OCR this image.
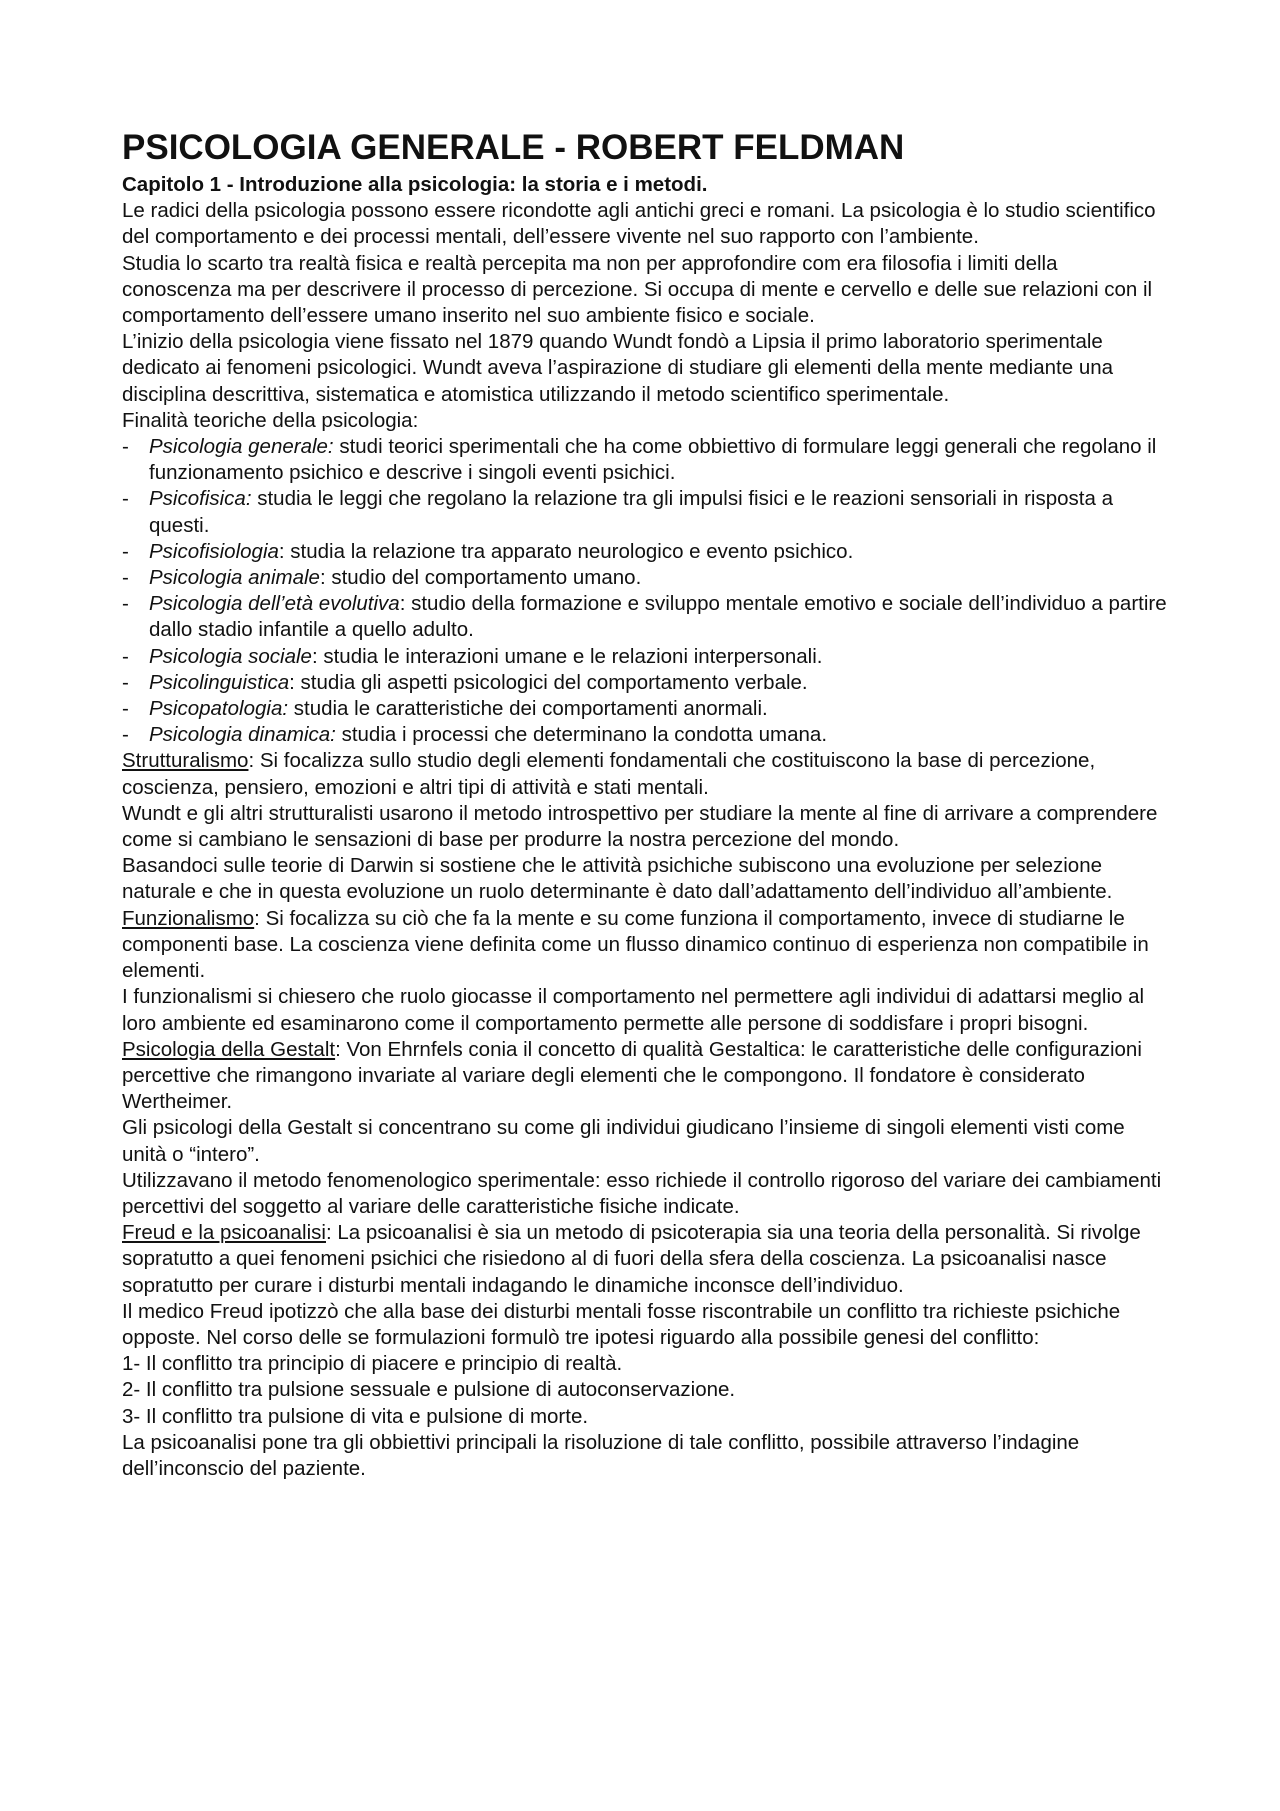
PSICOLOGIA GENERALE - ROBERT FELDMAN

Capitolo 1 - Introduzione alla psicologia: la storia e i metodi.

Le radici della psicologia possono essere ricondotte agli antichi greci e romani. La psicologia è lo studio scientifico del comportamento e dei processi mentali, dell’essere vivente nel suo rapporto con l’ambiente.

Studia lo scarto tra realtà fisica e realtà percepita ma non per approfondire com era filosofia i limiti della conoscenza ma per descrivere il processo di percezione. Si occupa di mente e cervello e delle sue relazioni con il comportamento dell’essere umano inserito nel suo ambiente fisico e sociale.

L’inizio della psicologia viene fissato nel 1879 quando Wundt fondò a Lipsia il primo laboratorio sperimentale dedicato ai fenomeni psicologici. Wundt aveva l’aspirazione di studiare gli elementi della mente mediante una disciplina descrittiva, sistematica e atomistica utilizzando il metodo scientifico sperimentale.

Finalità teoriche della psicologia:

- Psicologia generale: studi teorici sperimentali che ha come obbiettivo di formulare leggi generali che regolano il funzionamento psichico e descrive i singoli eventi psichici.
- Psicofisica: studia le leggi che regolano la relazione tra gli impulsi fisici e le reazioni sensoriali in risposta a questi.
- Psicofisiologia: studia la relazione tra apparato neurologico e evento psichico.
- Psicologia animale: studio del comportamento umano.
- Psicologia dell’età evolutiva: studio della formazione e sviluppo mentale emotivo e sociale dell’individuo a partire dallo stadio infantile a quello adulto.
- Psicologia sociale: studia le interazioni umane e le relazioni interpersonali.
- Psicolinguistica: studia gli aspetti psicologici del comportamento verbale.
- Psicopatologia: studia le caratteristiche dei comportamenti anormali.
- Psicologia dinamica: studia i processi che determinano la condotta umana.

Strutturalismo: Si focalizza sullo studio degli elementi fondamentali che costituiscono la base di percezione, coscienza, pensiero, emozioni e altri tipi di attività e stati mentali.

Wundt e gli altri strutturalisti usarono il metodo introspettivo per studiare la mente al fine di arrivare a comprendere come si cambiano le sensazioni di base per produrre la nostra percezione del mondo.

Basandoci sulle teorie di Darwin si sostiene che le attività psichiche subiscono una evoluzione per selezione naturale e che in questa evoluzione un ruolo determinante è dato dall’adattamento dell’individuo all’ambiente.

Funzionalismo: Si focalizza su ciò che fa la mente e su come funziona il comportamento, invece di studiarne le componenti base. La coscienza viene definita come un flusso dinamico continuo di esperienza non compatibile in elementi.

I funzionalismi si chiesero che ruolo giocasse il comportamento nel permettere agli individui di adattarsi meglio al loro ambiente ed esaminarono come il comportamento permette alle persone di soddisfare i propri bisogni.

Psicologia della Gestalt: Von Ehrnfels conia il concetto di qualità Gestaltica: le caratteristiche delle configurazioni percettive che rimangono invariate al variare degli elementi che le compongono. Il fondatore è considerato Wertheimer.

Gli psicologi della Gestalt si concentrano su come gli individui giudicano l’insieme di singoli elementi visti come unità o “intero”.

Utilizzavano il metodo fenomenologico sperimentale: esso richiede il controllo rigoroso del variare dei cambiamenti percettivi del soggetto al variare delle caratteristiche fisiche indicate.

Freud e la psicoanalisi: La psicoanalisi è sia un metodo di psicoterapia sia una teoria della personalità. Si rivolge sopratutto a quei fenomeni psichici che risiedono al di fuori della sfera della coscienza. La psicoanalisi nasce sopratutto per curare i disturbi mentali indagando le dinamiche inconsce dell’individuo.

Il medico Freud ipotizzò che alla base dei disturbi mentali fosse riscontrabile un conflitto tra richieste psichiche opposte. Nel corso delle se formulazioni formulò tre ipotesi riguardo alla possibile genesi del conflitto:

1- Il conflitto tra principio di piacere e principio di realtà.

2- Il conflitto tra pulsione sessuale e pulsione di autoconservazione.

3- Il conflitto tra pulsione di vita e pulsione di morte.

La psicoanalisi pone tra gli obbiettivi principali la risoluzione di tale conflitto, possibile attraverso l’indagine dell’inconscio del paziente.
